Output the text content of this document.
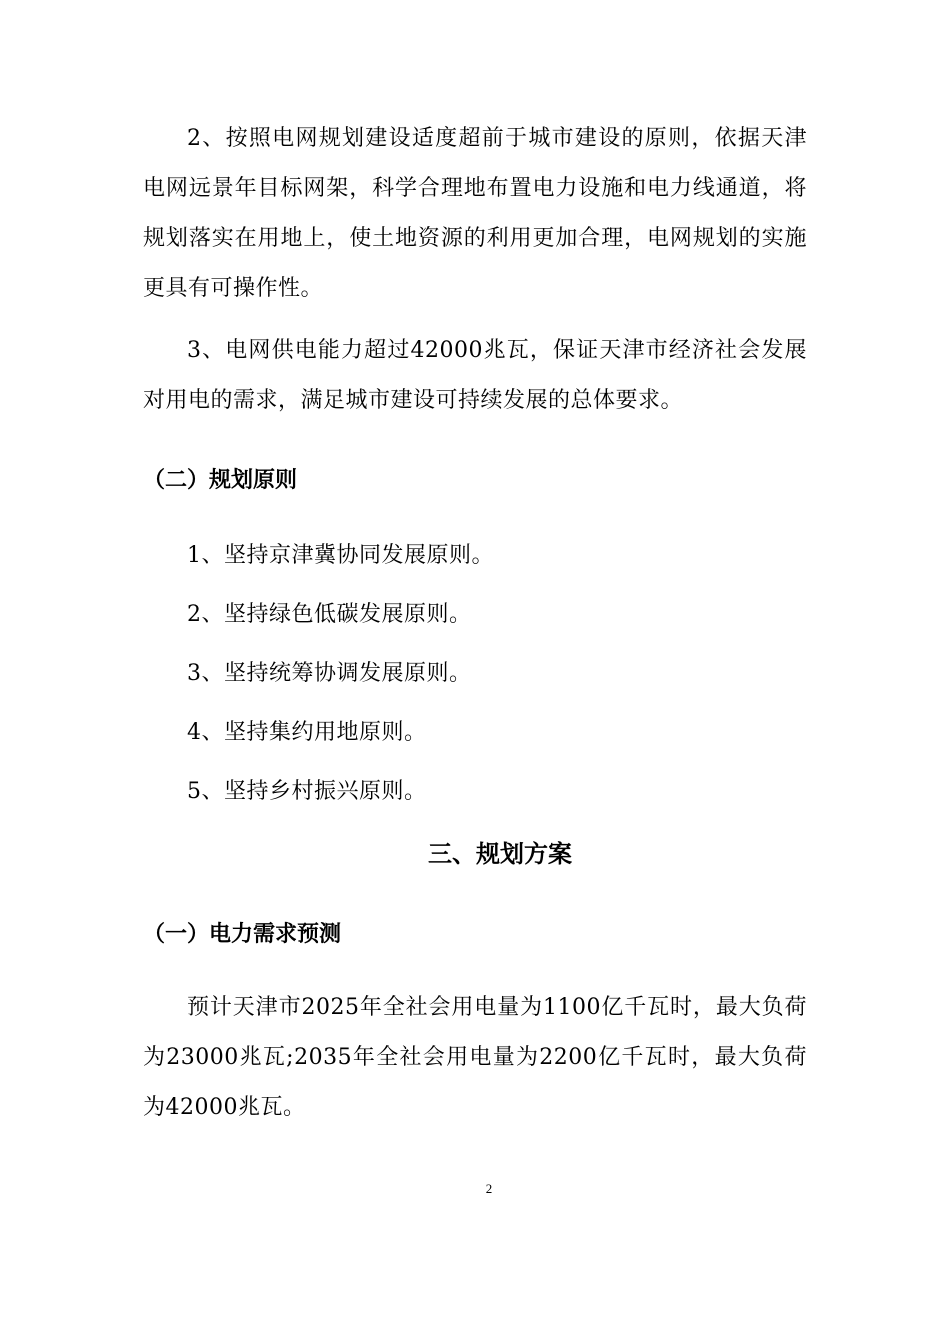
2、按照电网规划建设适度超前于城市建设的原则，依据天津电网远景年目标网架，科学合理地布置电力设施和电力线通道，将规划落实在用地上，使土地资源的利用更加合理，电网规划的实施更具有可操作性。

3、电网供电能力超过42000兆瓦，保证天津市经济社会发展对用电的需求，满足城市建设可持续发展的总体要求。

（二）规划原则

1、坚持京津冀协同发展原则。

2、坚持绿色低碳发展原则。

3、坚持统筹协调发展原则。

4、坚持集约用地原则。

5、坚持乡村振兴原则。

三、规划方案
（一）电力需求预测

预计天津市2025年全社会用电量为1100亿千瓦时，最大负荷为23000兆瓦;2035年全社会用电量为2200亿千瓦时，最大负荷为42000兆瓦。

2
